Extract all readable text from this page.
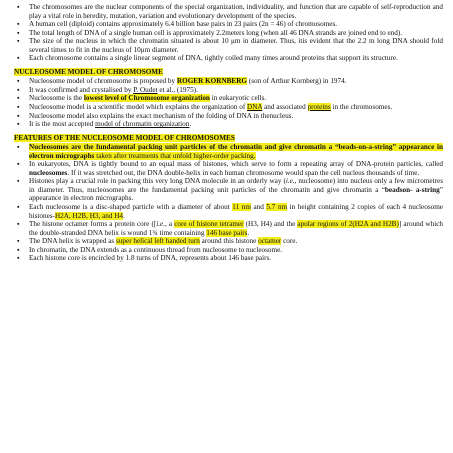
▪ The chromosomes are the nuclear components of the special organization, individuality, and function that are capable of self-reproduction and play a vital role in heredity, mutation, variation and evolutionary development of the species.
▪ A human cell (diploid) contains approximately 6.4 billion base pairs in 23 pairs (2n = 46) of chromosomes.
▪ The total length of DNA of a single human cell is approximately 2.2meters long (when all 46 DNA strands are joined end to end).
▪ The size of the nucleus in which the chromatin situated is about 10 μm in diameter. Thus, itis evident that the 2.2 m long DNA should fold several times to fit in the nucleus of 10μm diameter.
▪ Each chromosome contains a single linear segment of DNA, tightly coiled many times around proteins that support its structure.
NUCLEOSOME MODEL OF CHROMOSOME
▪ Nucleosome model of chromosome is proposed by ROGER KORNBERG (son of Arthur Kornberg) in 1974.
▪ It was confirmed and crystalised by P. Oudet et al., (1975).
▪ Nucleosome is the lowest level of Chromosome organization in eukaryotic cells.
▪ Nucleosome model is a scientific model which explains the organization of DNA and associated proteins in the chromosomes.
▪ Nucleosome model also explains the exact mechanism of the folding of DNA in thenucleus.
▪ It is the most accepted model of chromatin organization.
FEATURES OF THE NUCLEOSOME MODEL OF CHROMOSOMES
▪ Nucleosomes are the fundamental packing unit particles of the chromatin and give chromatin a “beads-on-a-string” appearance in electron micrographs taken after treatments that unfold higher-order packing.
▪ In eukaryotes, DNA is tightly bound to an equal mass of histones, which serve to form a repeating array of DNA-protein particles, called nucleosomes. If it was stretched out, the DNA double-helix in each human chromosome would span the cell nucleus thousands of time.
▪ Histones play a crucial role in packing this very long DNA molecule in an orderly way (i.e., nucleosome) into nucleus only a few micrometres in diameter. Thus, nucleosomes are the fundamental packing unit particles of the chromatin and give chromatin a “beadson- a-string” appearance in electron micrographs.
▪ Each nucleosome is a disc-shaped particle with a diameter of about 11 nm and 5.7 nm in height containing 2 copies of each 4 nucleosome histones-H2A, H2B, H3, and H4.
▪ The histone octamer forms a protein core ([i.e., a core of histone tetramer (H3, H4) and the apolar regions of 2(H2A and H2B)] around which the double-stranded DNA helix is wound 1¾ time containing 146 base pairs.
▪ The DNA helix is wrapped as super helical left handed turn around this histone octamer core.
▪ In chromatin, the DNA extends as a continuous thread from nucleosome to nucleosome.
▪ Each histone core is encircled by 1.8 turns of DNA, represents about 146 base pairs.
